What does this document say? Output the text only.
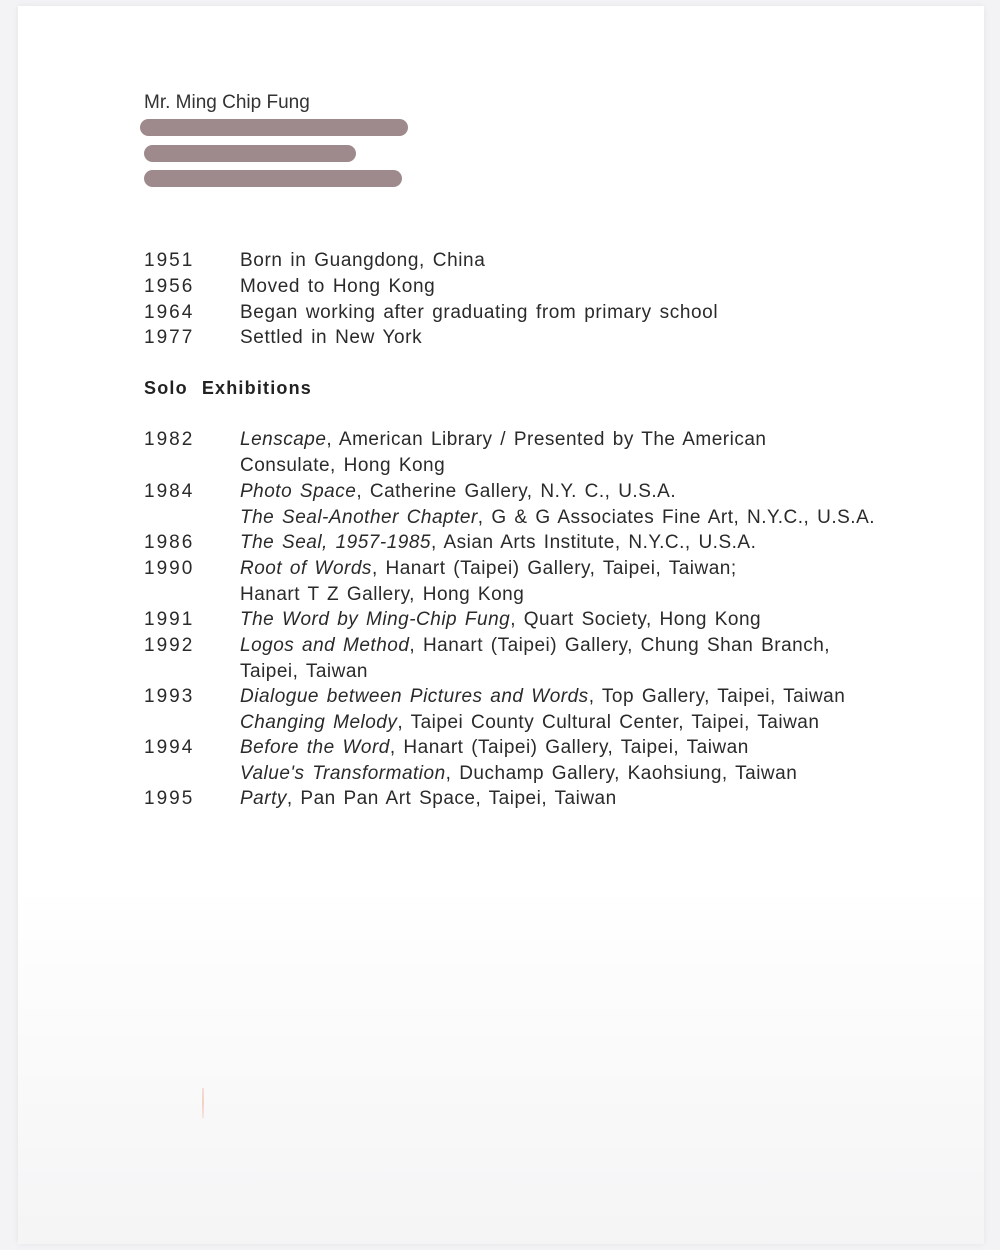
Mr. Ming Chip Fung
1951	Born in Guangdong, China
1956	Moved to Hong Kong
1964	Began working after graduating from primary school
1977	Settled in New York
Solo Exhibitions
1982	Lenscape, American Library / Presented by The American
Consulate, Hong Kong
1984	Photo Space, Catherine Gallery, N.Y. C., U.S.A.
The Seal-Another Chapter, G & G Associates Fine Art, N.Y.C., U.S.A.
1986	The Seal, 1957-1985, Asian Arts Institute, N.Y.C., U.S.A.
1990	Root of Words, Hanart (Taipei) Gallery, Taipei, Taiwan;
Hanart T Z Gallery, Hong Kong
1991	The Word by Ming-Chip Fung, Quart Society, Hong Kong
1992	Logos and Method, Hanart (Taipei) Gallery, Chung Shan Branch,
Taipei, Taiwan
1993	Dialogue between Pictures and Words, Top Gallery, Taipei, Taiwan
Changing Melody, Taipei County Cultural Center, Taipei, Taiwan
1994	Before the Word, Hanart (Taipei) Gallery, Taipei, Taiwan
Value's Transformation, Duchamp Gallery, Kaohsiung, Taiwan
1995	Party, Pan Pan Art Space, Taipei, Taiwan
